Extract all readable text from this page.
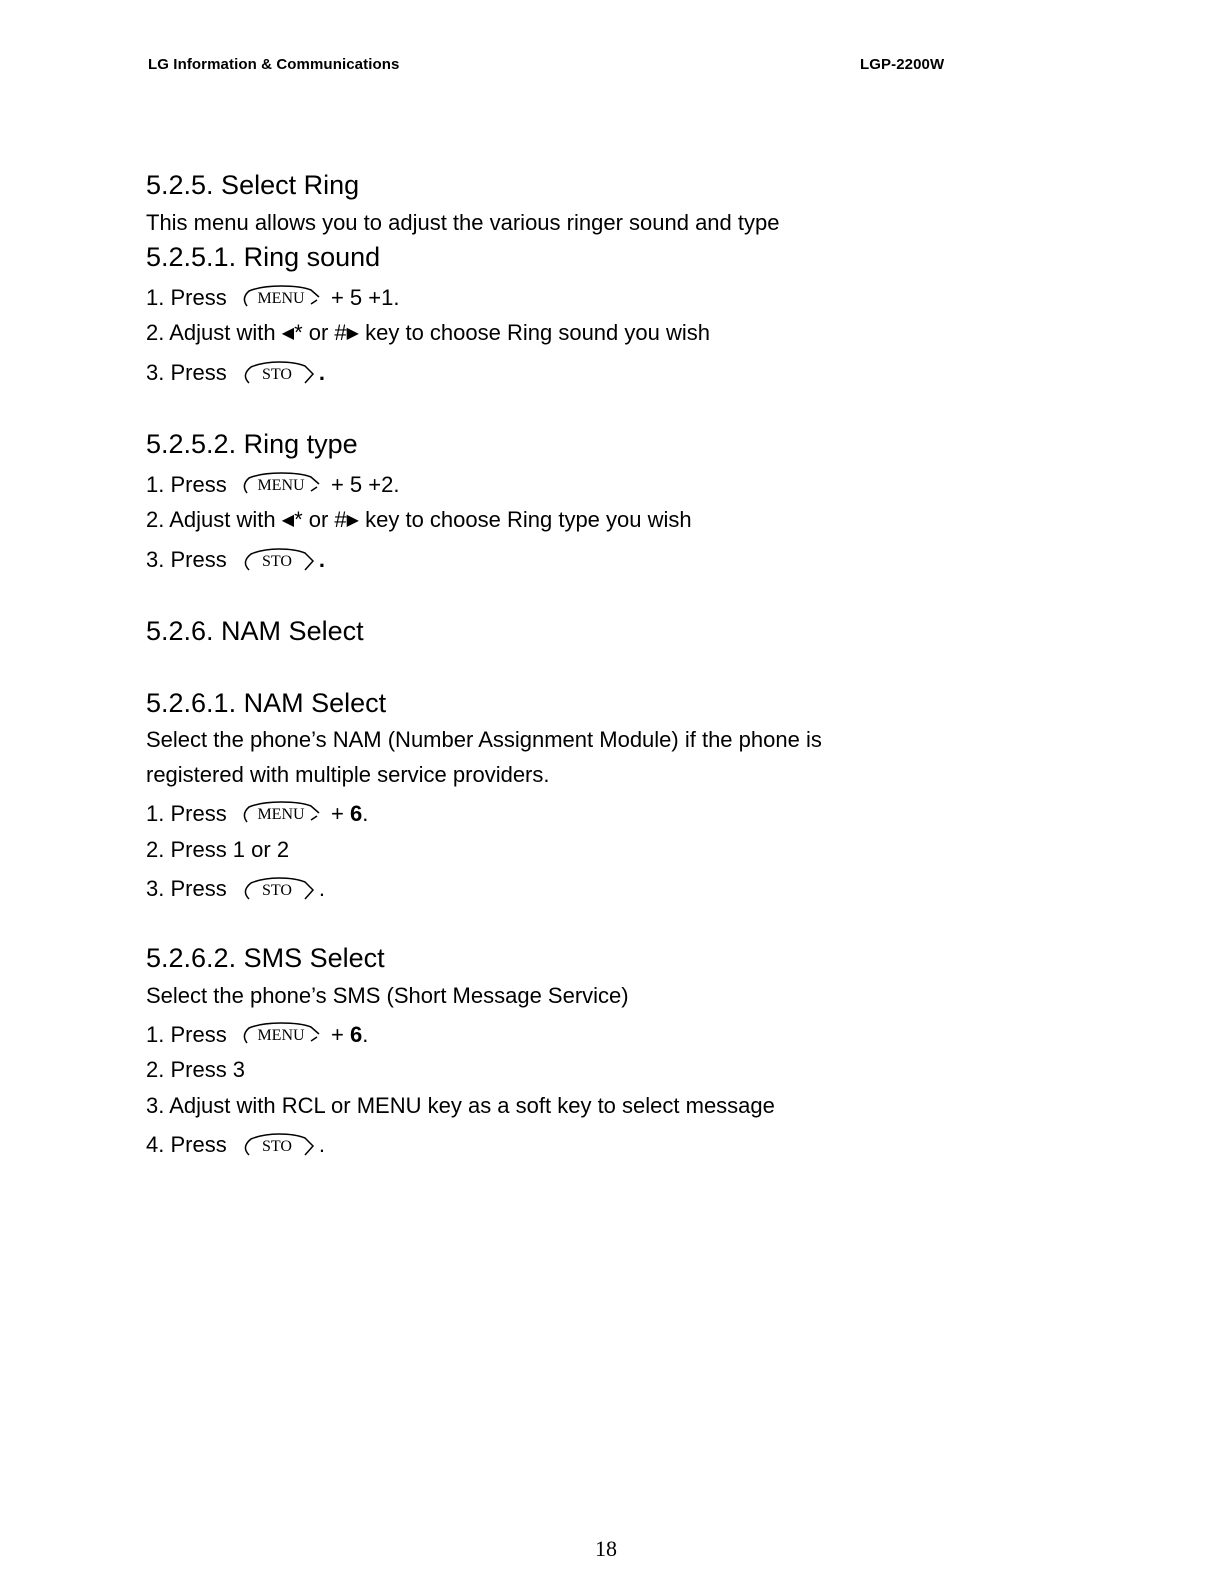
LG Information & Communications	LGP-2200W
5.2.5. Select Ring
This menu allows you to adjust the various ringer sound and type
5.2.5.1. Ring sound
1. Press MENU + 5 +1.
2. Adjust with ◀* or #▶ key to choose Ring sound you wish
3. Press STO .
5.2.5.2. Ring type
1. Press MENU + 5 +2.
2. Adjust with ◀* or #▶ key to choose Ring type you wish
3. Press STO .
5.2.6. NAM Select
5.2.6.1. NAM Select
Select the phone’s NAM (Number Assignment Module) if the phone is
registered with multiple service providers.
1. Press MENU + 6.
2. Press 1 or 2
3. Press STO .
5.2.6.2. SMS Select
Select the phone’s SMS (Short Message Service)
1. Press MENU + 6.
2. Press 3
3. Adjust with RCL or MENU key as a soft key to select message
4. Press STO .
18
